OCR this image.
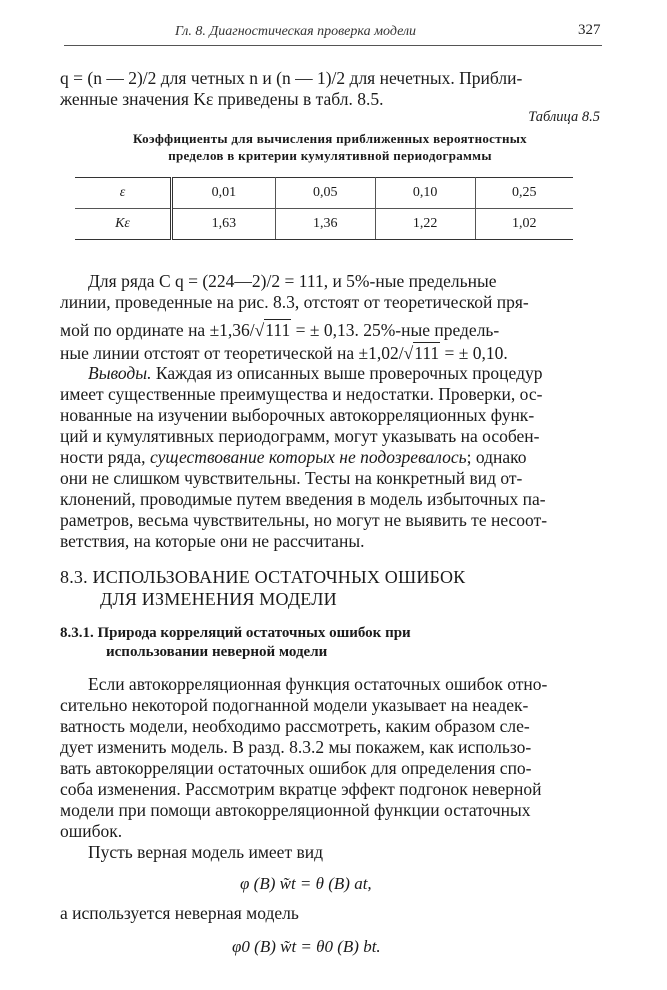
Гл. 8. Диагностическая проверка модели	327
q = (n — 2)/2 для четных n и (n — 1)/2 для нечетных. Прибли-
женные значения Kε приведены в табл. 8.5.
Таблица 8.5
Коэффициенты для вычисления приближенных вероятностных
пределов в критерии кумулятивной периодограммы
ε	0,01	0,05	0,10	0,25
Kε	1,63	1,36	1,22	1,02
Для ряда C q = (224—2)/2 = 111, и 5%-ные предельные
линии, проведенные на рис. 8.3, отстоят от теоретической пря-
мой по ординате на ±1,36/√111 = ± 0,13. 25%-ные предель-
ные линии отстоят от теоретической на ±1,02/√111 = ± 0,10.
Выводы. Каждая из описанных выше проверочных процедур
имеет существенные преимущества и недостатки. Проверки, ос-
нованные на изучении выборочных автокорреляционных функ-
ций и кумулятивных периодограмм, могут указывать на особен-
ности ряда, существование которых не подозревалось; однако
они не слишком чувствительны. Тесты на конкретный вид от-
клонений, проводимые путем введения в модель избыточных па-
раметров, весьма чувствительны, но могут не выявить те несоот-
ветствия, на которые они не рассчитаны.
8.3. ИСПОЛЬЗОВАНИЕ ОСТАТОЧНЫХ ОШИБОК
ДЛЯ ИЗМЕНЕНИЯ МОДЕЛИ
8.3.1. Природа корреляций остаточных ошибок при
использовании неверной модели
Если автокорреляционная функция остаточных ошибок отно-
сительно некоторой подогнанной модели указывает на неадек-
ватность модели, необходимо рассмотреть, каким образом сле-
дует изменить модель. В разд. 8.3.2 мы покажем, как использо-
вать автокорреляции остаточных ошибок для определения спо-
соба изменения. Рассмотрим вкратце эффект подгонок неверной
модели при помощи автокорреляционной функции остаточных
ошибок.
Пусть верная модель имеет вид
φ (B) w̃t = θ (B) at,
а используется неверная модель
φ0 (B) w̃t = θ0 (B) bt.
